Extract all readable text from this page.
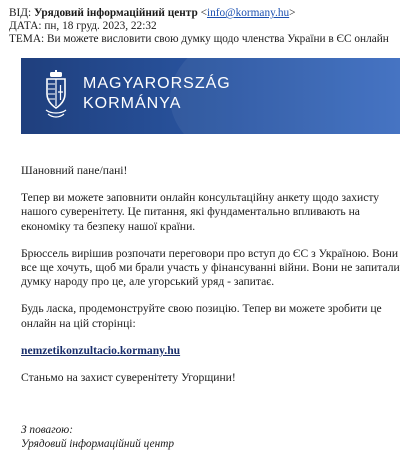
ВІД: Урядовий інформаційний центр <info@kormany.hu>
ДАТА: пн, 18 груд. 2023, 22:32
ТЕМА: Ви можете висловити свою думку щодо членства України в ЄС онлайн
MAGYARORSZÁG
KORMÁNYA

Шановний пане/пані!

Тепер ви можете заповнити онлайн консультаційну анкету щодо захисту нашого суверенітету. Це питання, які фундаментально впливають на економіку та безпеку нашої країни.

Брюссель вирішив розпочати переговори про вступ до ЄС з Україною. Вони все ще хочуть, щоб ми брали участь у фінансуванні війни. Вони не запитали думку народу про це, але угорський уряд - запитає.

Будь ласка, продемонструйте свою позицію. Тепер ви можете зробити це онлайн на цій сторінці:

nemzetikonzultacio.kormany.hu

Станьмо на захист суверенітету Угорщини!

З повагою:
Урядовий інформаційний центр
